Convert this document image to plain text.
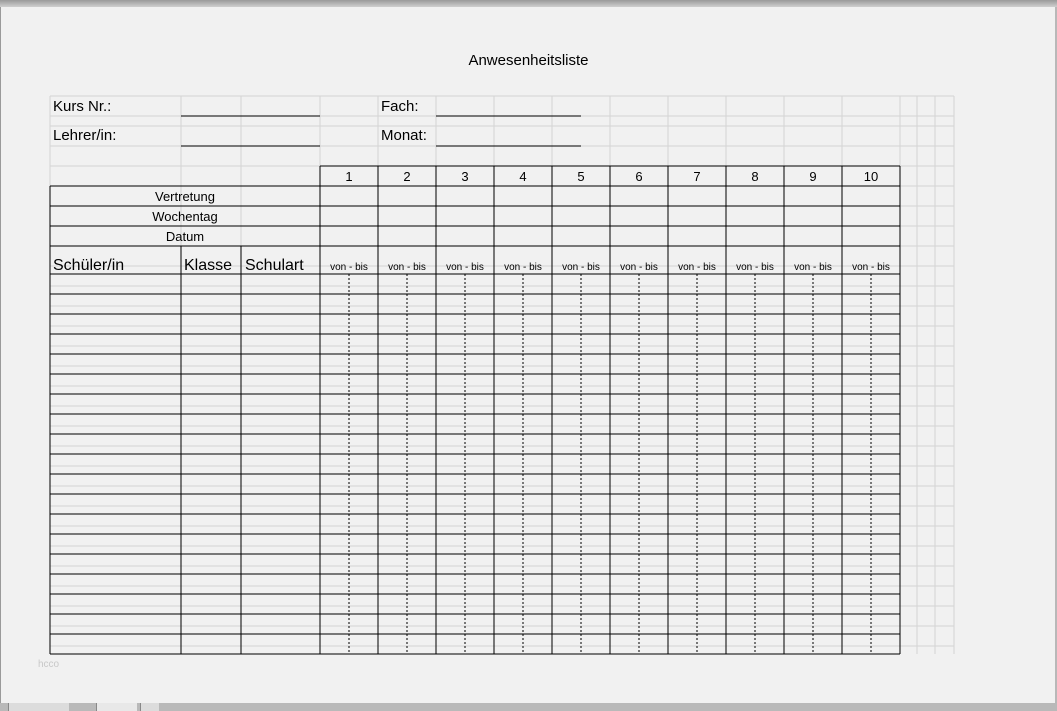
Anwesenheitsliste
Kurs Nr.:
Lehrer/in:
Fach:
Monat:
Vertretung
Wochentag
Datum
Schüler/in	Klasse Schulart
1
von - bis
2
von - bis
3
von - bis
4
von - bis
5
von - bis
6
von - bis
7
von - bis
8
von - bis
9
von - bis
10
von - bis
hcco
